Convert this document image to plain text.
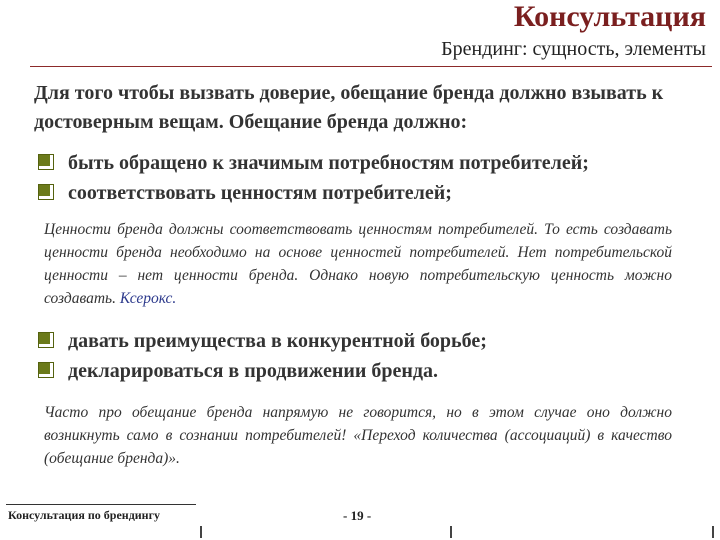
Консультация
Брендинг: сущность, элементы
Для того чтобы вызвать доверие, обещание бренда должно взывать к достоверным вещам. Обещание бренда должно:
быть обращено к значимым потребностям потребителей;
соответствовать ценностям потребителей;
Ценности бренда должны соответствовать ценностям потребителей. То есть создавать ценности бренда необходимо на основе ценностей потребителей. Нет потребительской ценности – нет ценности бренда. Однако новую потребительскую ценность можно создавать. Ксерокс.
давать преимущества в конкурентной борьбе;
декларироваться в продвижении бренда.
Часто про обещание бренда напрямую не говорится, но в этом случае оно должно возникнуть само в сознании потребителей! «Переход количества (ассоциаций) в качество (обещание бренда)».
Консультация по брендингу	- 19 -
